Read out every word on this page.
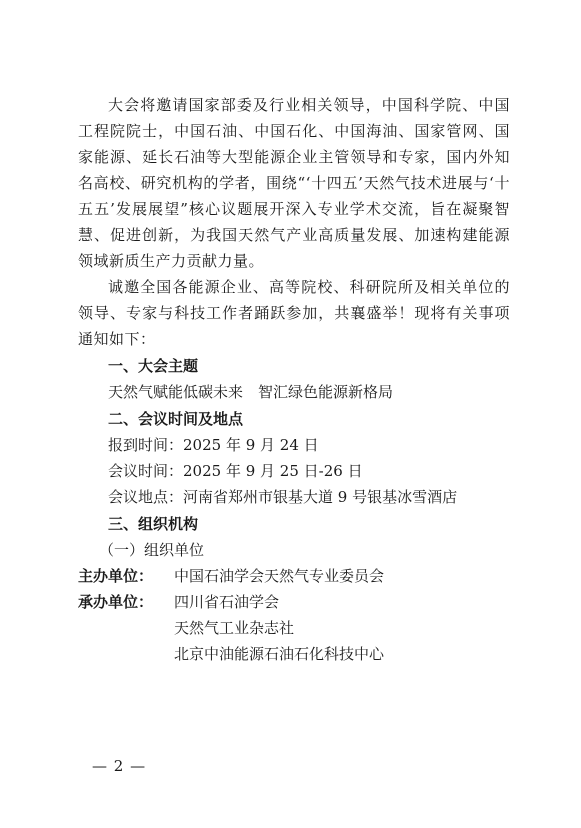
大会将邀请国家部委及行业相关领导，中国科学院、中国工程院院士，中国石油、中国石化、中国海油、国家管网、国家能源、延长石油等大型能源企业主管领导和专家，国内外知名高校、研究机构的学者，围绕“‘十四五’天然气技术进展与‘十五五’发展展望”核心议题展开深入专业学术交流，旨在凝聚智慧、促进创新，为我国天然气产业高质量发展、加速构建能源领域新质生产力贡献力量。

诚邀全国各能源企业、高等院校、科研院所及相关单位的领导、专家与科技工作者踊跃参加，共襄盛举！现将有关事项通知如下：

一、大会主题

天然气赋能低碳未来　智汇绿色能源新格局

二、会议时间及地点

报到时间：2025 年 9 月 24 日

会议时间：2025 年 9 月 25 日-26 日

会议地点：河南省郑州市银基大道 9 号银基冰雪酒店

三、组织机构

（一）组织单位

主办单位：	中国石油学会天然气专业委员会

承办单位：	四川省石油学会

天然气工业杂志社

北京中油能源石油石化科技中心

— 2 —
